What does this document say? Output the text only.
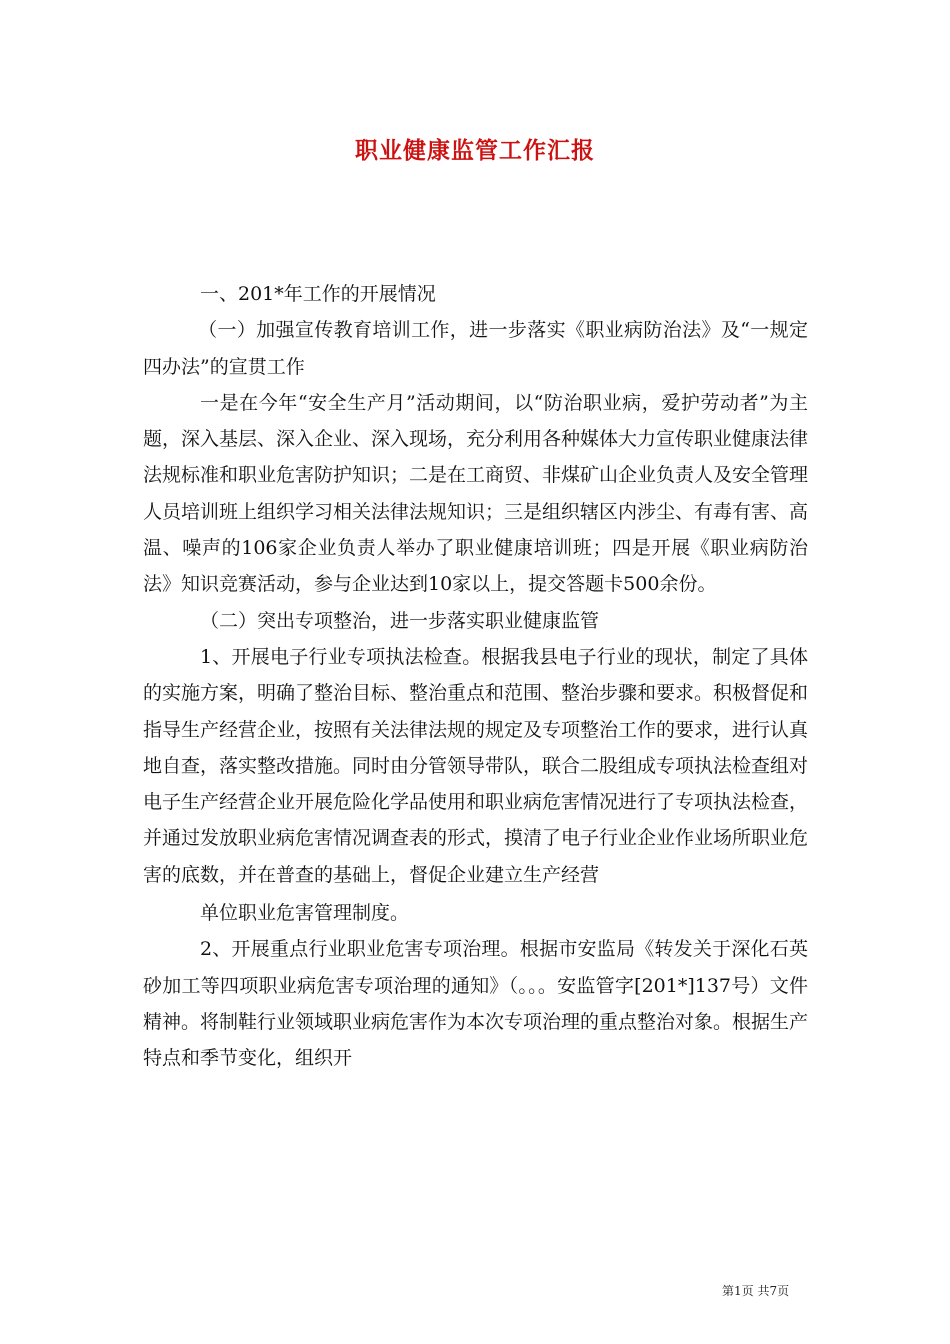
职业健康监管工作汇报

一、201*年工作的开展情况

（一）加强宣传教育培训工作，进一步落实《职业病防治法》及“一规定四办法”的宣贯工作

一是在今年“安全生产月”活动期间，以“防治职业病，爱护劳动者”为主题，深入基层、深入企业、深入现场，充分利用各种媒体大力宣传职业健康法律法规标准和职业危害防护知识；二是在工商贸、非煤矿山企业负责人及安全管理人员培训班上组织学习相关法律法规知识；三是组织辖区内涉尘、有毒有害、高温、噪声的106家企业负责人举办了职业健康培训班；四是开展《职业病防治法》知识竞赛活动，参与企业达到10家以上，提交答题卡500余份。

（二）突出专项整治，进一步落实职业健康监管

1、开展电子行业专项执法检查。根据我县电子行业的现状，制定了具体的实施方案，明确了整治目标、整治重点和范围、整治步骤和要求。积极督促和指导生产经营企业，按照有关法律法规的规定及专项整治工作的要求，进行认真地自查，落实整改措施。同时由分管领导带队，联合二股组成专项执法检查组对电子生产经营企业开展危险化学品使用和职业病危害情况进行了专项执法检查，并通过发放职业病危害情况调查表的形式，摸清了电子行业企业作业场所职业危害的底数，并在普查的基础上，督促企业建立生产经营

单位职业危害管理制度。

2、开展重点行业职业危害专项治理。根据市安监局《转发关于深化石英砂加工等四项职业病危害专项治理的通知》（。。。安监管字[201*]137号）文件精神。将制鞋行业领域职业病危害作为本次专项治理的重点整治对象。根据生产特点和季节变化，组织开

第1页 共7页
